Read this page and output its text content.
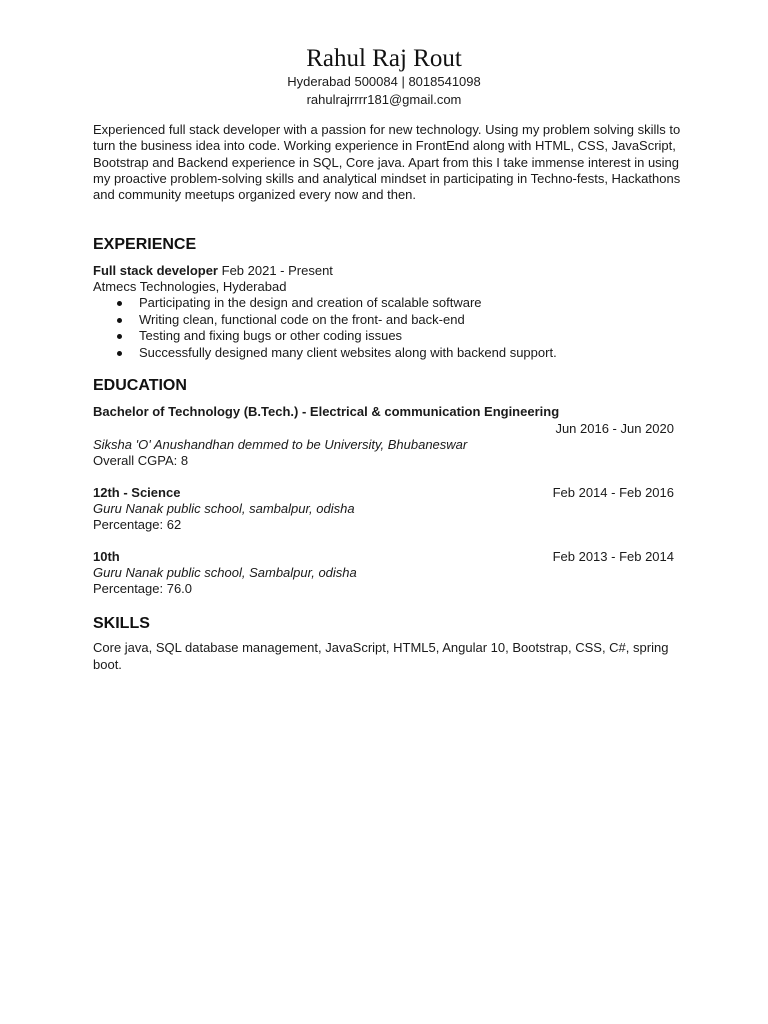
Rahul Raj Rout
Hyderabad 500084 | 8018541098
rahulrajrrrr181@gmail.com

Experienced full stack developer with a passion for new technology. Using my problem solving skills to turn the business idea into code. Working experience in FrontEnd along with HTML, CSS, JavaScript, Bootstrap and Backend experience in SQL, Core java. Apart from this I take immense interest in using my proactive problem-solving skills and analytical mindset in participating in Techno-fests, Hackathons and community meetups organized every now and then.

EXPERIENCE
Full stack developer Feb 2021 - Present
Atmecs Technologies, Hyderabad
Participating in the design and creation of scalable software
Writing clean, functional code on the front- and back-end
Testing and fixing bugs or other coding issues
Successfully designed many client websites along with backend support.
EDUCATION
Bachelor of Technology (B.Tech.) - Electrical & communication Engineering
Jun 2016 - Jun 2020
Siksha 'O' Anushandhan demmed to be University, Bhubaneswar
Overall CGPA: 8
12th - Science	Feb 2014 - Feb 2016
Guru Nanak public school, sambalpur, odisha
Percentage: 62
10th	Feb 2013 - Feb 2014
Guru Nanak public school, Sambalpur, odisha
Percentage: 76.0
SKILLS

Core java, SQL database management, JavaScript, HTML5, Angular 10, Bootstrap, CSS, C#, spring boot.
